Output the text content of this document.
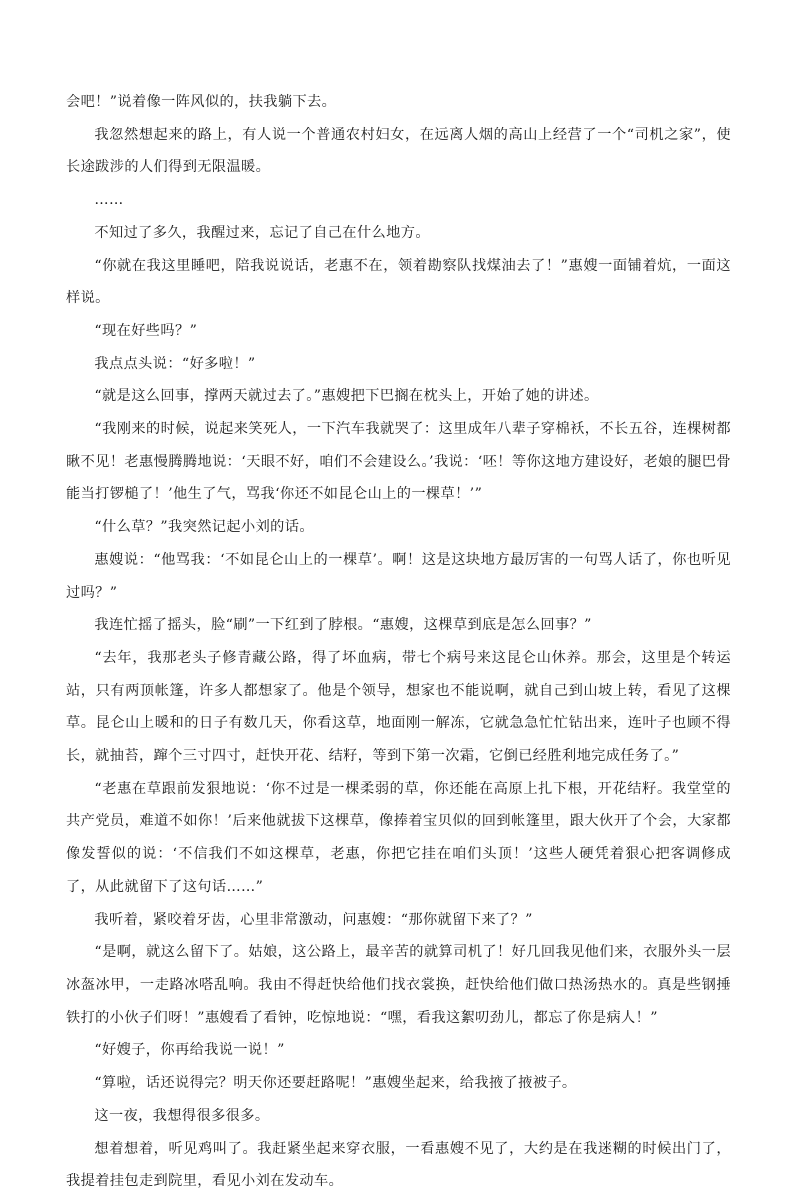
会吧！”说着像一阵风似的，扶我躺下去。

我忽然想起来的路上，有人说一个普通农村妇女，在远离人烟的高山上经营了一个“司机之家”，使长途跋涉的人们得到无限温暖。

……

不知过了多久，我醒过来，忘记了自己在什么地方。

“你就在我这里睡吧，陪我说说话，老惠不在，领着勘察队找煤油去了！”惠嫂一面铺着炕，一面这样说。

“现在好些吗？”

我点点头说：“好多啦！”

“就是这么回事，撑两天就过去了。”惠嫂把下巴搁在枕头上，开始了她的讲述。

“我刚来的时候，说起来笑死人，一下汽车我就哭了：这里成年八辈子穿棉袄，不长五谷，连棵树都瞅不见！老惠慢腾腾地说：‘天眼不好，咱们不会建设么。’我说：‘呸！等你这地方建设好，老娘的腿巴骨能当打锣槌了！’他生了气，骂我‘你还不如昆仑山上的一棵草！’”

“什么草？”我突然记起小刘的话。

惠嫂说：“他骂我：‘不如昆仑山上的一棵草’。啊！这是这块地方最厉害的一句骂人话了，你也听见过吗？”

我连忙摇了摇头，脸“刷”一下红到了脖根。“惠嫂，这棵草到底是怎么回事？”

“去年，我那老头子修青藏公路，得了坏血病，带七个病号来这昆仑山休养。那会，这里是个转运站，只有两顶帐篷，许多人都想家了。他是个领导，想家也不能说啊，就自己到山坡上转，看见了这棵草。昆仑山上暖和的日子有数几天，你看这草，地面刚一解冻，它就急急忙忙钻出来，连叶子也顾不得长，就抽苔，蹿个三寸四寸，赶快开花、结籽，等到下第一次霜，它倒已经胜利地完成任务了。”

“老惠在草跟前发狠地说：‘你不过是一棵柔弱的草，你还能在高原上扎下根，开花结籽。我堂堂的共产党员，难道不如你！’后来他就拔下这棵草，像捧着宝贝似的回到帐篷里，跟大伙开了个会，大家都像发誓似的说：‘不信我们不如这棵草，老惠，你把它挂在咱们头顶！’这些人硬凭着狠心把客调修成了，从此就留下了这句话……”

我听着，紧咬着牙齿，心里非常激动，问惠嫂：“那你就留下来了？”

“是啊，就这么留下了。姑娘，这公路上，最辛苦的就算司机了！好几回我见他们来，衣服外头一层冰盔冰甲，一走路冰嗒乱响。我由不得赶快给他们找衣裳换，赶快给他们做口热汤热水的。真是些钢捶铁打的小伙子们呀！”惠嫂看了看钟，吃惊地说：“嘿，看我这絮叨劲儿，都忘了你是病人！”

“好嫂子，你再给我说一说！”

“算啦，话还说得完？明天你还要赶路呢！”惠嫂坐起来，给我掖了掖被子。

这一夜，我想得很多很多。

想着想着，听见鸡叫了。我赶紧坐起来穿衣服，一看惠嫂不见了，大约是在我迷糊的时候出门了，我提着挂包走到院里，看见小刘在发动车。
